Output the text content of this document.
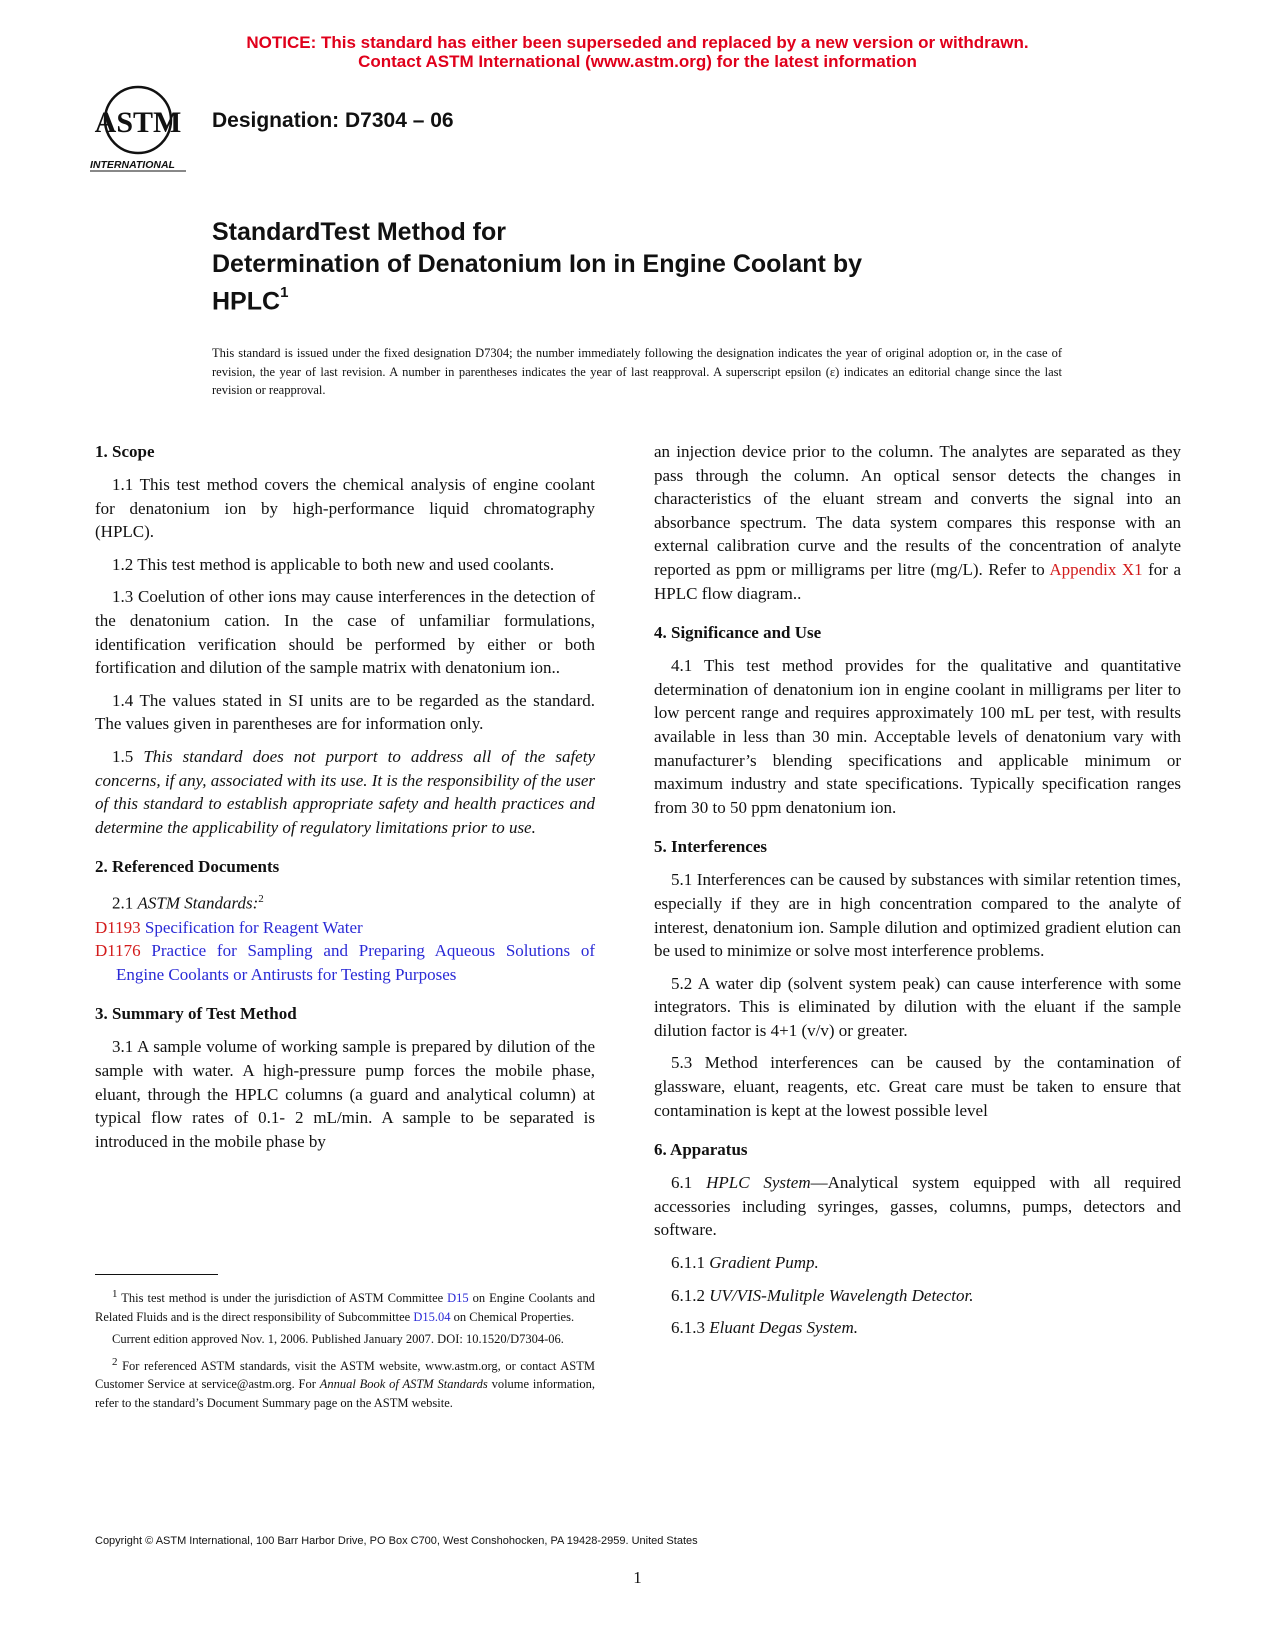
NOTICE: This standard has either been superseded and replaced by a new version or withdrawn.
Contact ASTM International (www.astm.org) for the latest information
ASTM
INTERNATIONAL
Designation: D7304 – 06
StandardTest Method for
Determination of Denatonium Ion in Engine Coolant by
HPLC$^1$
This standard is issued under the fixed designation D7304; the number immediately following the designation indicates the year of original adoption or, in the case of revision, the year of last revision. A number in parentheses indicates the year of last reapproval. A superscript epsilon (ε) indicates an editorial change since the last revision or reapproval.
1. Scope

1.1 This test method covers the chemical analysis of engine coolant for denatonium ion by high-performance liquid chromatography (HPLC).

1.2 This test method is applicable to both new and used coolants.

1.3 Coelution of other ions may cause interferences in the detection of the denatonium cation. In the case of unfamiliar formulations, identification verification should be performed by either or both fortification and dilution of the sample matrix with denatonium ion..

1.4 The values stated in SI units are to be regarded as the standard. The values given in parentheses are for information only.

1.5 This standard does not purport to address all of the safety concerns, if any, associated with its use. It is the responsibility of the user of this standard to establish appropriate safety and health practices and determine the applicability of regulatory limitations prior to use.

2. Referenced Documents

2.1 ASTM Standards:$^2$

D1193 Specification for Reagent Water
D1176 Practice for Sampling and Preparing Aqueous Solutions of Engine Coolants or Antirusts for Testing Purposes
3. Summary of Test Method

3.1 A sample volume of working sample is prepared by dilution of the sample with water. A high-pressure pump forces the mobile phase, eluant, through the HPLC columns (a guard and analytical column) at typical flow rates of 0.1- 2 mL/min. A sample to be separated is introduced in the mobile phase by

$^1$ This test method is under the jurisdiction of ASTM Committee D15 on Engine Coolants and Related Fluids and is the direct responsibility of Subcommittee D15.04 on Chemical Properties.

Current edition approved Nov. 1, 2006. Published January 2007. DOI: 10.1520/D7304-06.

$^2$ For referenced ASTM standards, visit the ASTM website, www.astm.org, or contact ASTM Customer Service at service@astm.org. For Annual Book of ASTM Standards volume information, refer to the standard’s Document Summary page on the ASTM website.

an injection device prior to the column. The analytes are separated as they pass through the column. An optical sensor detects the changes in characteristics of the eluant stream and converts the signal into an absorbance spectrum. The data system compares this response with an external calibration curve and the results of the concentration of analyte reported as ppm or milligrams per litre (mg/L). Refer to Appendix X1 for a HPLC flow diagram..

4. Significance and Use

4.1 This test method provides for the qualitative and quantitative determination of denatonium ion in engine coolant in milligrams per liter to low percent range and requires approximately 100 mL per test, with results available in less than 30 min. Acceptable levels of denatonium vary with manufacturer’s blending specifications and applicable minimum or maximum industry and state specifications. Typically specification ranges from 30 to 50 ppm denatonium ion.

5. Interferences

5.1 Interferences can be caused by substances with similar retention times, especially if they are in high concentration compared to the analyte of interest, denatonium ion. Sample dilution and optimized gradient elution can be used to minimize or solve most interference problems.

5.2 A water dip (solvent system peak) can cause interference with some integrators. This is eliminated by dilution with the eluant if the sample dilution factor is 4+1 (v/v) or greater.

5.3 Method interferences can be caused by the contamination of glassware, eluant, reagents, etc. Great care must be taken to ensure that contamination is kept at the lowest possible level

6. Apparatus

6.1 HPLC System—Analytical system equipped with all required accessories including syringes, gasses, columns, pumps, detectors and software.

6.1.1 Gradient Pump.

6.1.2 UV/VIS-Mulitple Wavelength Detector.

6.1.3 Eluant Degas System.

Copyright © ASTM International, 100 Barr Harbor Drive, PO Box C700, West Conshohocken, PA 19428-2959. United States
1
